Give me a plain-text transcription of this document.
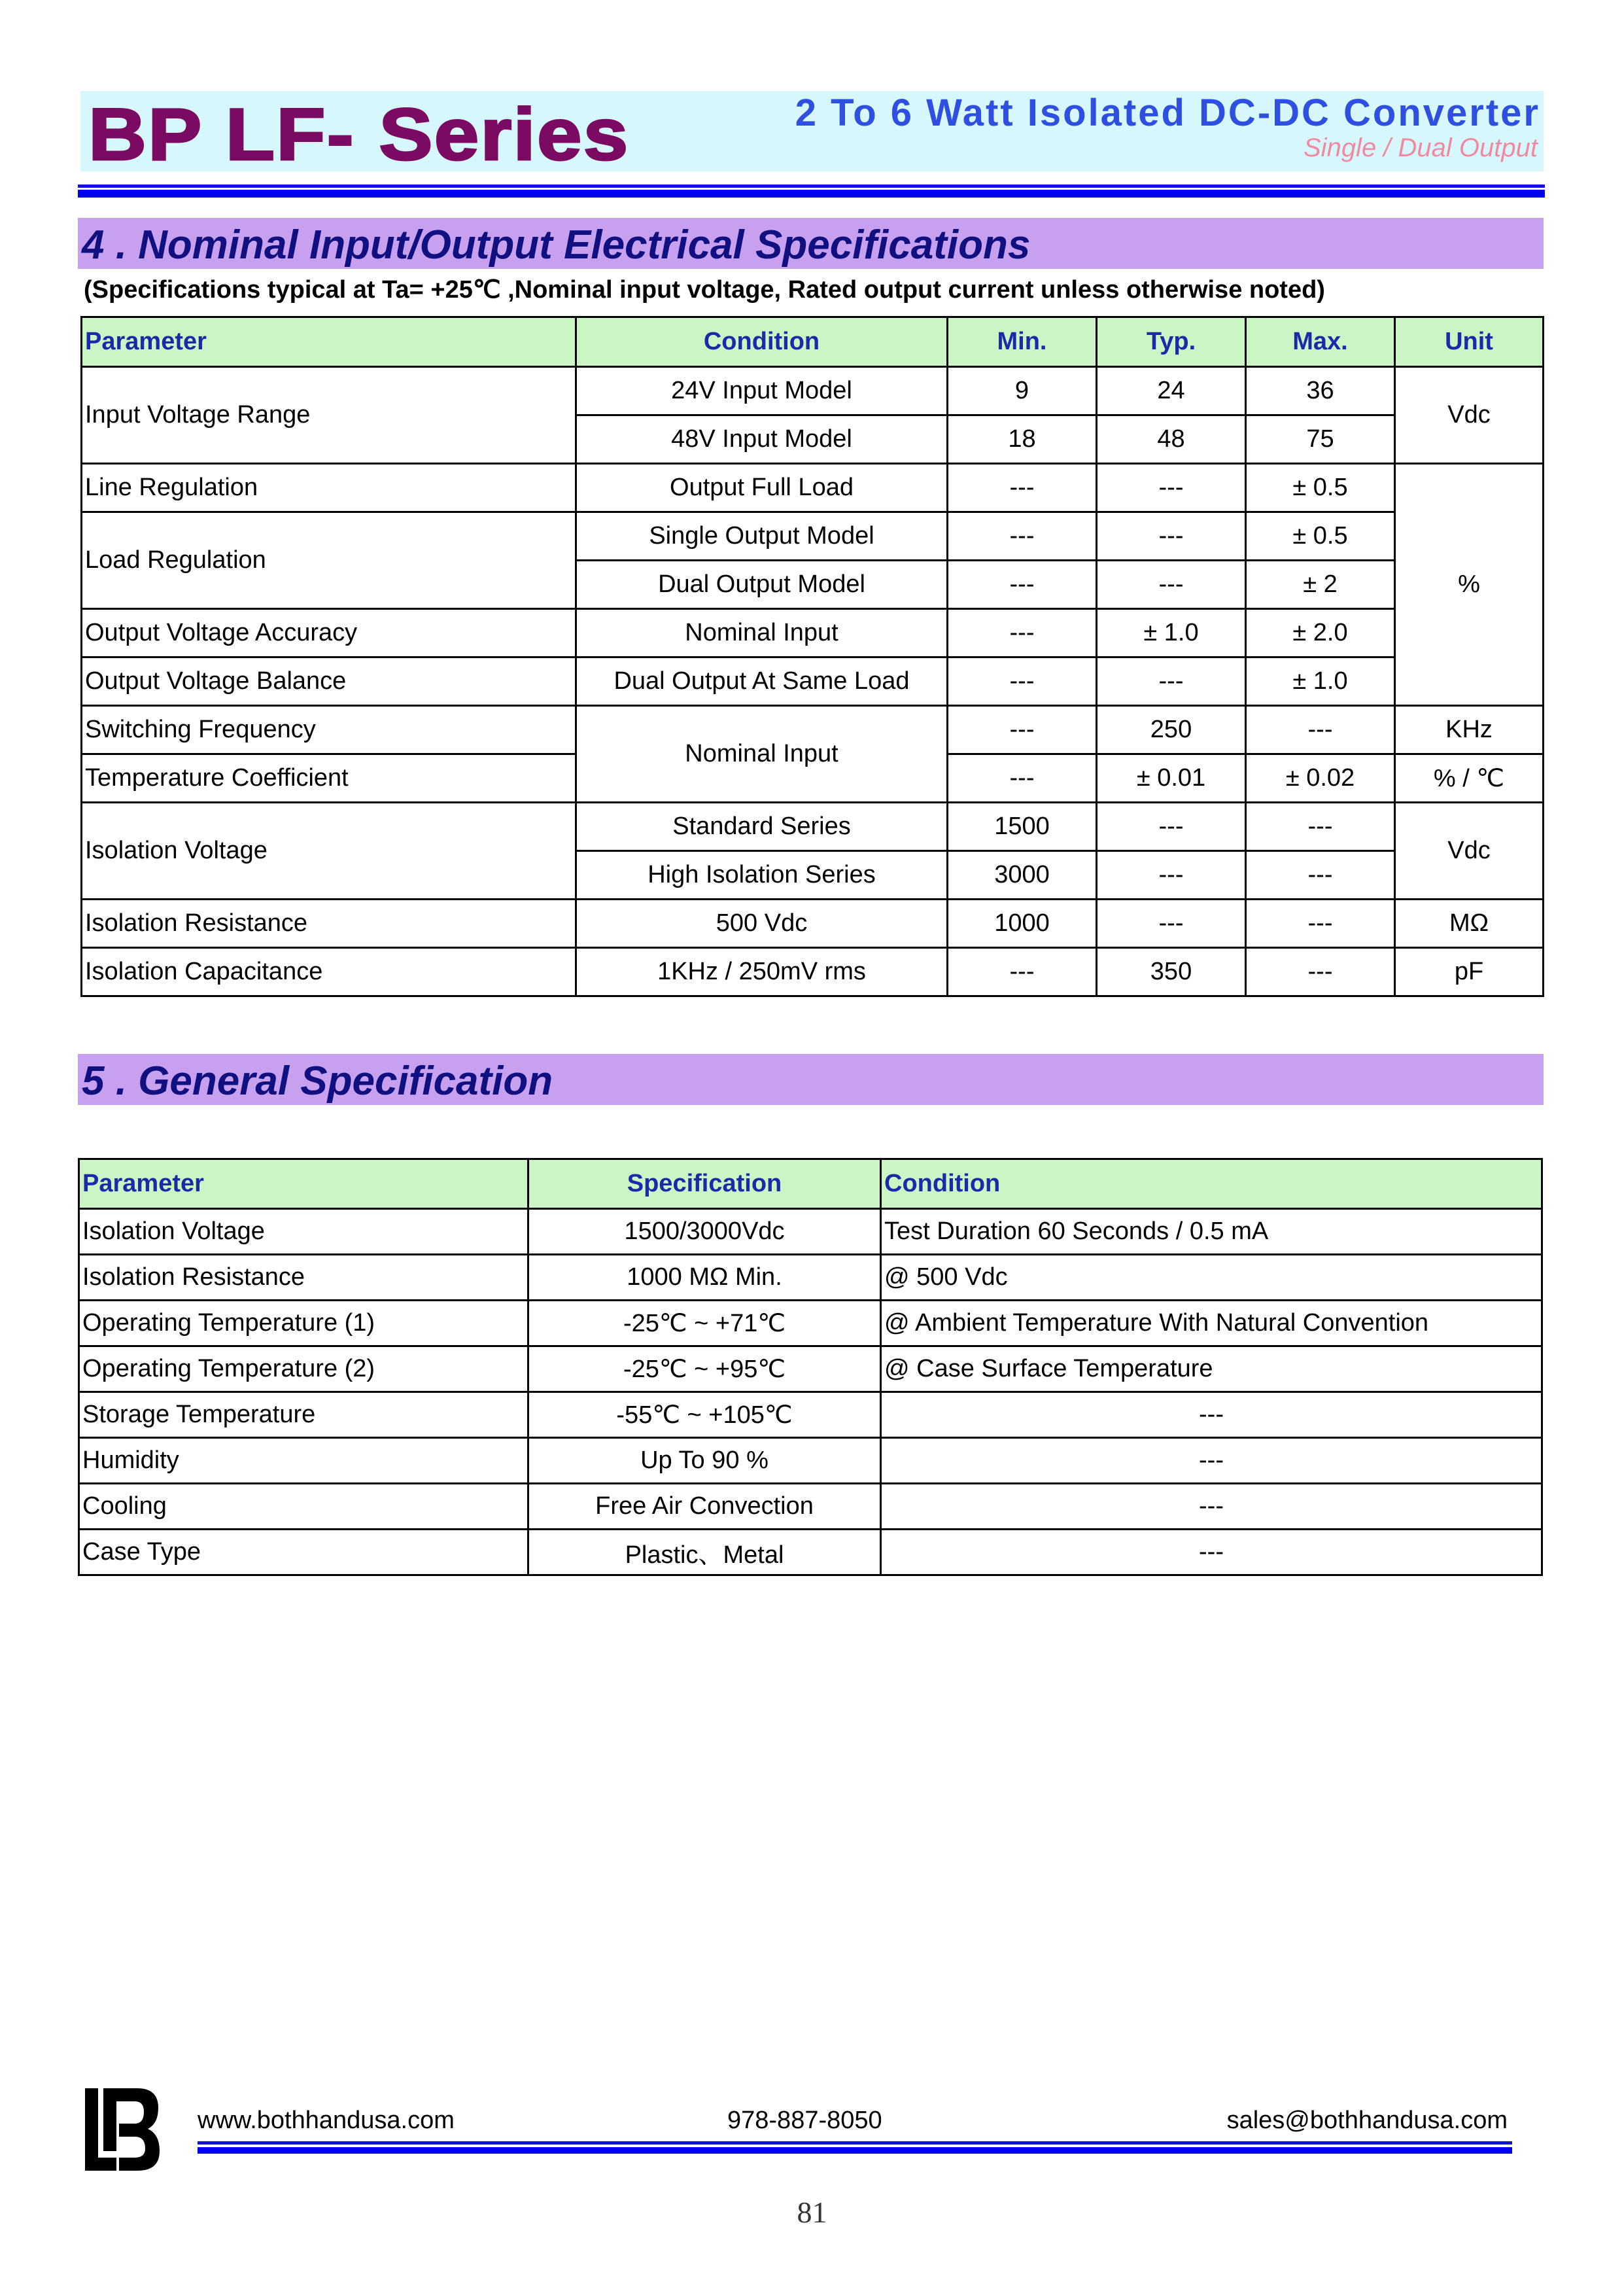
BP LF- Series	2 To 6 Watt Isolated DC-DC Converter
Single / Dual Output
4 . Nominal Input/Output Electrical Specifications
(Specifications typical at Ta= +25℃ ,Nominal input voltage, Rated output current unless otherwise noted)
Parameter	Condition	Min.	Typ.	Max.	Unit
Input Voltage Range	24V Input Model	9	24	36	Vdc
	48V Input Model	18	48	75	
Line Regulation	Output Full Load	---	---	± 0.5	%
Load Regulation	Single Output Model	---	---	± 0.5	
	Dual Output Model	---	---	± 2	
Output Voltage Accuracy	Nominal Input	---	± 1.0	± 2.0	
Output Voltage Balance	Dual Output At Same Load	---	---	± 1.0	
Switching Frequency	Nominal Input	---	250	---	KHz
Temperature Coefficient		---	± 0.01	± 0.02	% / ℃
Isolation Voltage	Standard Series	1500	---	---	Vdc
	High Isolation Series	3000	---	---	
Isolation Resistance	500 Vdc	1000	---	---	MΩ
Isolation Capacitance	1KHz / 250mV rms	---	350	---	pF
5 . General Specification
Parameter	Specification	Condition
Isolation Voltage	1500/3000Vdc	Test Duration 60 Seconds / 0.5 mA
Isolation Resistance	1000 MΩ Min.	@ 500 Vdc
Operating Temperature (1)	-25℃ ~ +71℃	@ Ambient Temperature With Natural Convention
Operating Temperature (2)	-25℃ ~ +95℃	@ Case Surface Temperature
Storage Temperature	-55℃ ~ +105℃	---
Humidity	Up To 90 %	---
Cooling	Free Air Convection	---
Case Type	Plastic、Metal	---
www.bothhandusa.com	978-887-8050	sales@bothhandusa.com
81
